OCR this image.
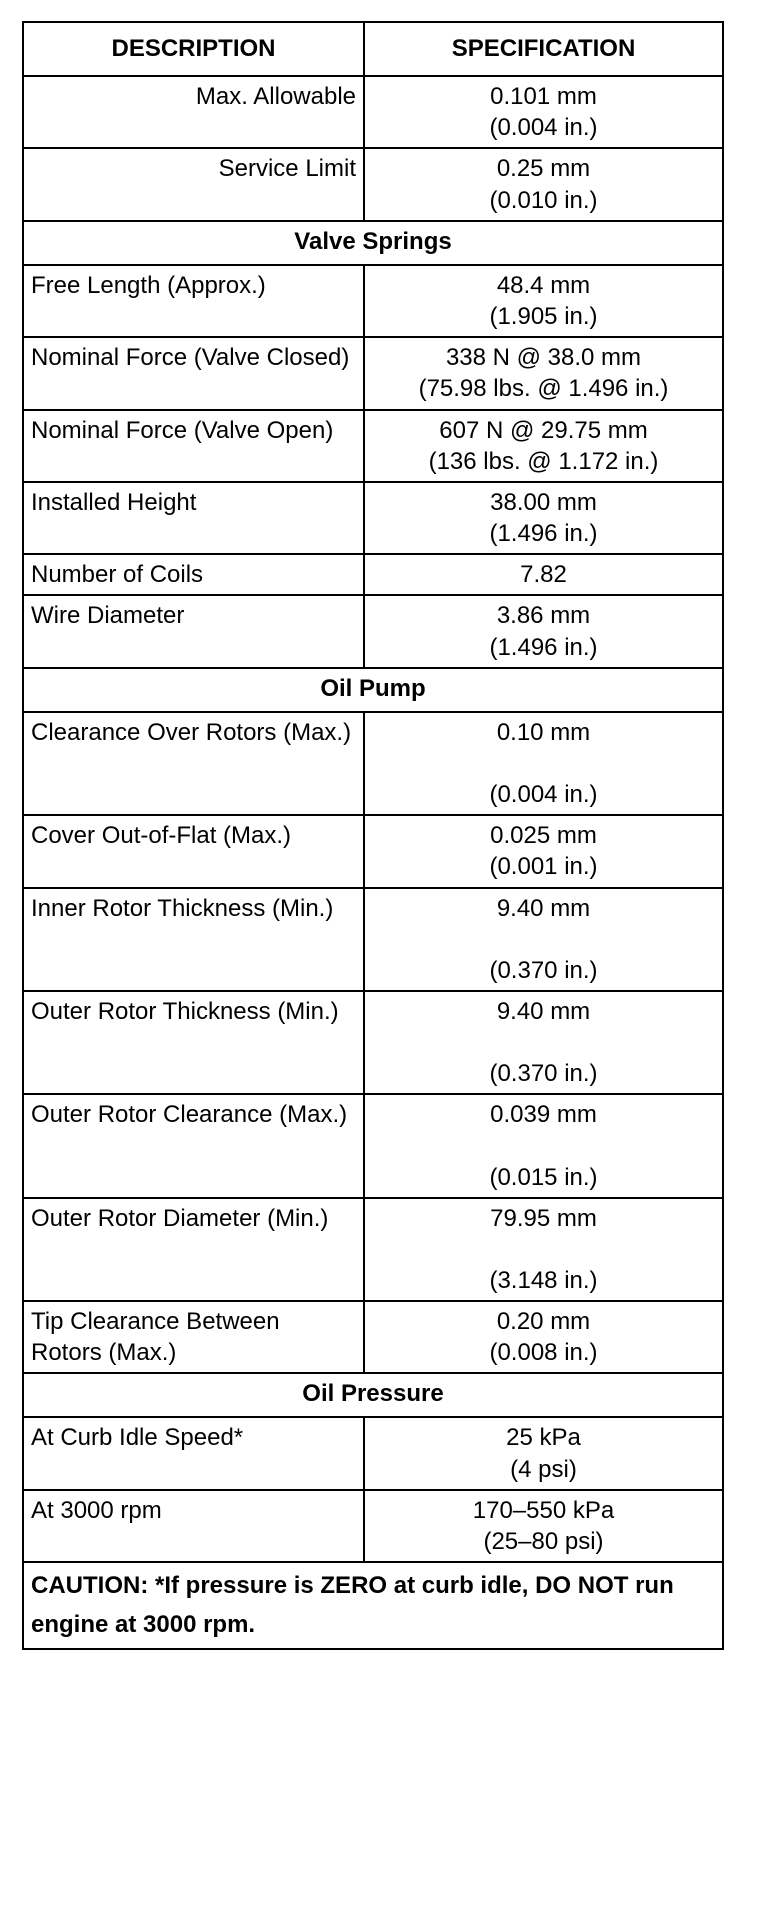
DESCRIPTION	SPECIFICATION
Max. Allowable	0.101 mm
(0.004 in.)

Service Limit	0.25 mm
(0.010 in.)

Valve Springs	
Free Length (Approx.)	48.4 mm
(1.905 in.)

Nominal Force (Valve Closed)	338 N @ 38.0 mm
(75.98 lbs. @ 1.496 in.)

Nominal Force (Valve Open)	607 N @ 29.75 mm
(136 lbs. @ 1.172 in.)

Installed Height	38.00 mm
(1.496 in.)

Number of Coils	7.82

Wire Diameter	3.86 mm
(1.496 in.)

Oil Pump	
Clearance Over Rotors (Max.)	0.10 mm
(0.004 in.)

Cover Out-of-Flat (Max.)	0.025 mm
(0.001 in.)

Inner Rotor Thickness (Min.)	9.40 mm
(0.370 in.)

Outer Rotor Thickness (Min.)	9.40 mm
(0.370 in.)

Outer Rotor Clearance (Max.)	0.039 mm
(0.015 in.)

Outer Rotor Diameter (Min.)	79.95 mm
(3.148 in.)

Tip Clearance Between Rotors (Max.)	0.20 mm
(0.008 in.)

Oil Pressure	
At Curb Idle Speed*	25 kPa
(4 psi)

At 3000 rpm	170–550 kPa
(25–80 psi)

CAUTION: *If pressure is ZERO at curb idle, DO NOT run engine at 3000 rpm.	
